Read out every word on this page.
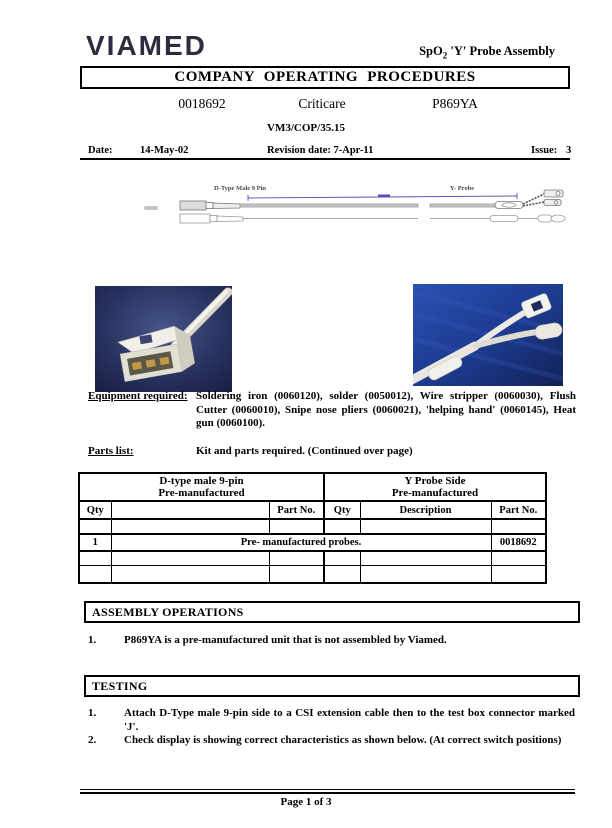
VIAMED	SpO$_2$ 'Y' Probe Assembly
COMPANY OPERATING PROCEDURES
0018692	Criticare	P869YA
VM3/COP/35.15
Date:	14-May-02	Revision date: 7-Apr-11	Issue: 3
D-Type Male 9 Pin	Y- Probe
Equipment required: Soldering iron (0060120), solder (0050012), Wire stripper (0060030), Flush Cutter (0060010), Snipe nose pliers (0060021), 'helping hand' (0060145), Heat gun (0060100).
Parts list:	Kit and parts required. (Continued over page)
D-type male 9-pin
Pre-manufactured

Y Probe Side
Pre-manufactured

Qty		Part No.	Qty	Description	Part No.

1	Pre- manufactured probes.				0018692

ASSEMBLY OPERATIONS
1.	P869YA is a pre-manufactured unit that is not assembled by Viamed.
TESTING
1.	Attach D-Type male 9-pin side to a CSI extension cable then to the test box connector marked 'J'.
2.	Check display is showing correct characteristics as shown below. (At correct switch positions)
Page 1 of 3
